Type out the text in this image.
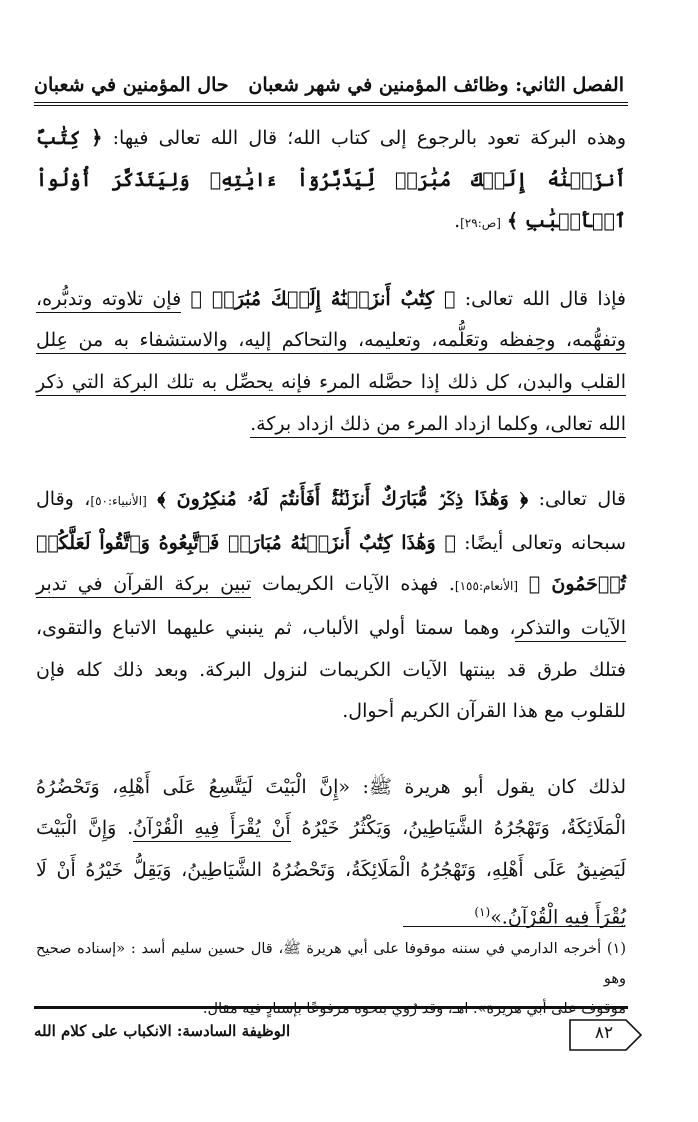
الفصل الثاني: وظائف المؤمنين في شهر شعبان
حال المؤمنين في شعبان

وهذه البركة تعود بالرجوع إلى كتاب الله؛ قال الله تعالى فيها: ﴿ كِتَٰبٌ أَنزَلۡنَٰهُ إِلَيۡكَ مُبَٰرَكٞ لِّيَدَّبَّرُوٓاْ ءَايَٰتِهِۦ وَلِيَتَذَكَّرَ أُوْلُواْ ٱلۡأَلۡبَٰبِ ﴾ [ص:٢٩].

فإذا قال الله تعالى: ﴿ كِتَٰبٌ أَنزَلۡنَٰهُ إِلَيۡكَ مُبَٰرَكٞ ﴾ فإن تلاوته وتدبُّره، وتفهُّمه، وحِفظه وتعَلُّمه، وتعليمه، والتحاكم إليه، والاستشفاء به من عِلل القلب والبدن، كل ذلك إذا حصَّله المرء فإنه يحصِّل به تلك البركة التي ذكر الله تعالى، وكلما ازداد المرء من ذلك ازداد بركة.

قال تعالى: ﴿ وَهَٰذَا ذِكۡرٞ مُّبَارَكٌ أَنزَلۡنَٰهُۚ أَفَأَنتُمۡ لَهُۥ مُنكِرُونَ ﴾ [الأنبياء:٥٠]، وقال سبحانه وتعالى أيضًا: ﴿ وَهَٰذَا كِتَٰبٌ أَنزَلۡنَٰهُ مُبَارَكٞ فَٱتَّبِعُوهُ وَٱتَّقُواْ لَعَلَّكُمۡ تُرۡحَمُونَ ﴾ [الأنعام:١٥٥]. فهذه الآيات الكريمات تبين بركة القرآن في تدبر الآيات والتذكر، وهما سمتا أولي الألباب، ثم ينبني عليهما الاتباع والتقوى، فتلك طرق قد بينتها الآيات الكريمات لنزول البركة. وبعد ذلك كله فإن للقلوب مع هذا القرآن الكريم أحوال.

لذلك كان يقول أبو هريرة ﷺ: «إِنَّ الْبَيْتَ لَيَتَّسِعُ عَلَى أَهْلِهِ، وَتَحْضُرُهُ الْمَلَائِكَةُ، وَتَهْجُرُهُ الشَّيَاطِينُ، وَيَكْثُرُ خَيْرُهُ أَنْ يُقْرَأَ فِيهِ الْقُرْآنُ. وَإِنَّ الْبَيْتَ لَيَضِيقُ عَلَى أَهْلِهِ، وَتَهْجُرُهُ الْمَلَائِكَةُ، وَتَحْضُرُهُ الشَّيَاطِينُ، وَيَقِلُّ خَيْرُهُ أَنْ لَا يُقْرَأَ فِيهِ الْقُرْآنُ.»$^{(١)}$

(١) أخرجه الدارمي في سننه موقوفا على أبي هريرة ﷺ، قال حسين سليم أسد : «إسناده صحيح وهو

موقوف على أبي هريرة». اهـ، وقد رُوي بنحوه مرفوعًا بإسنادٍ فيه مقال.

الوظيفة السادسة: الانكباب على كلام الله	٨٢
